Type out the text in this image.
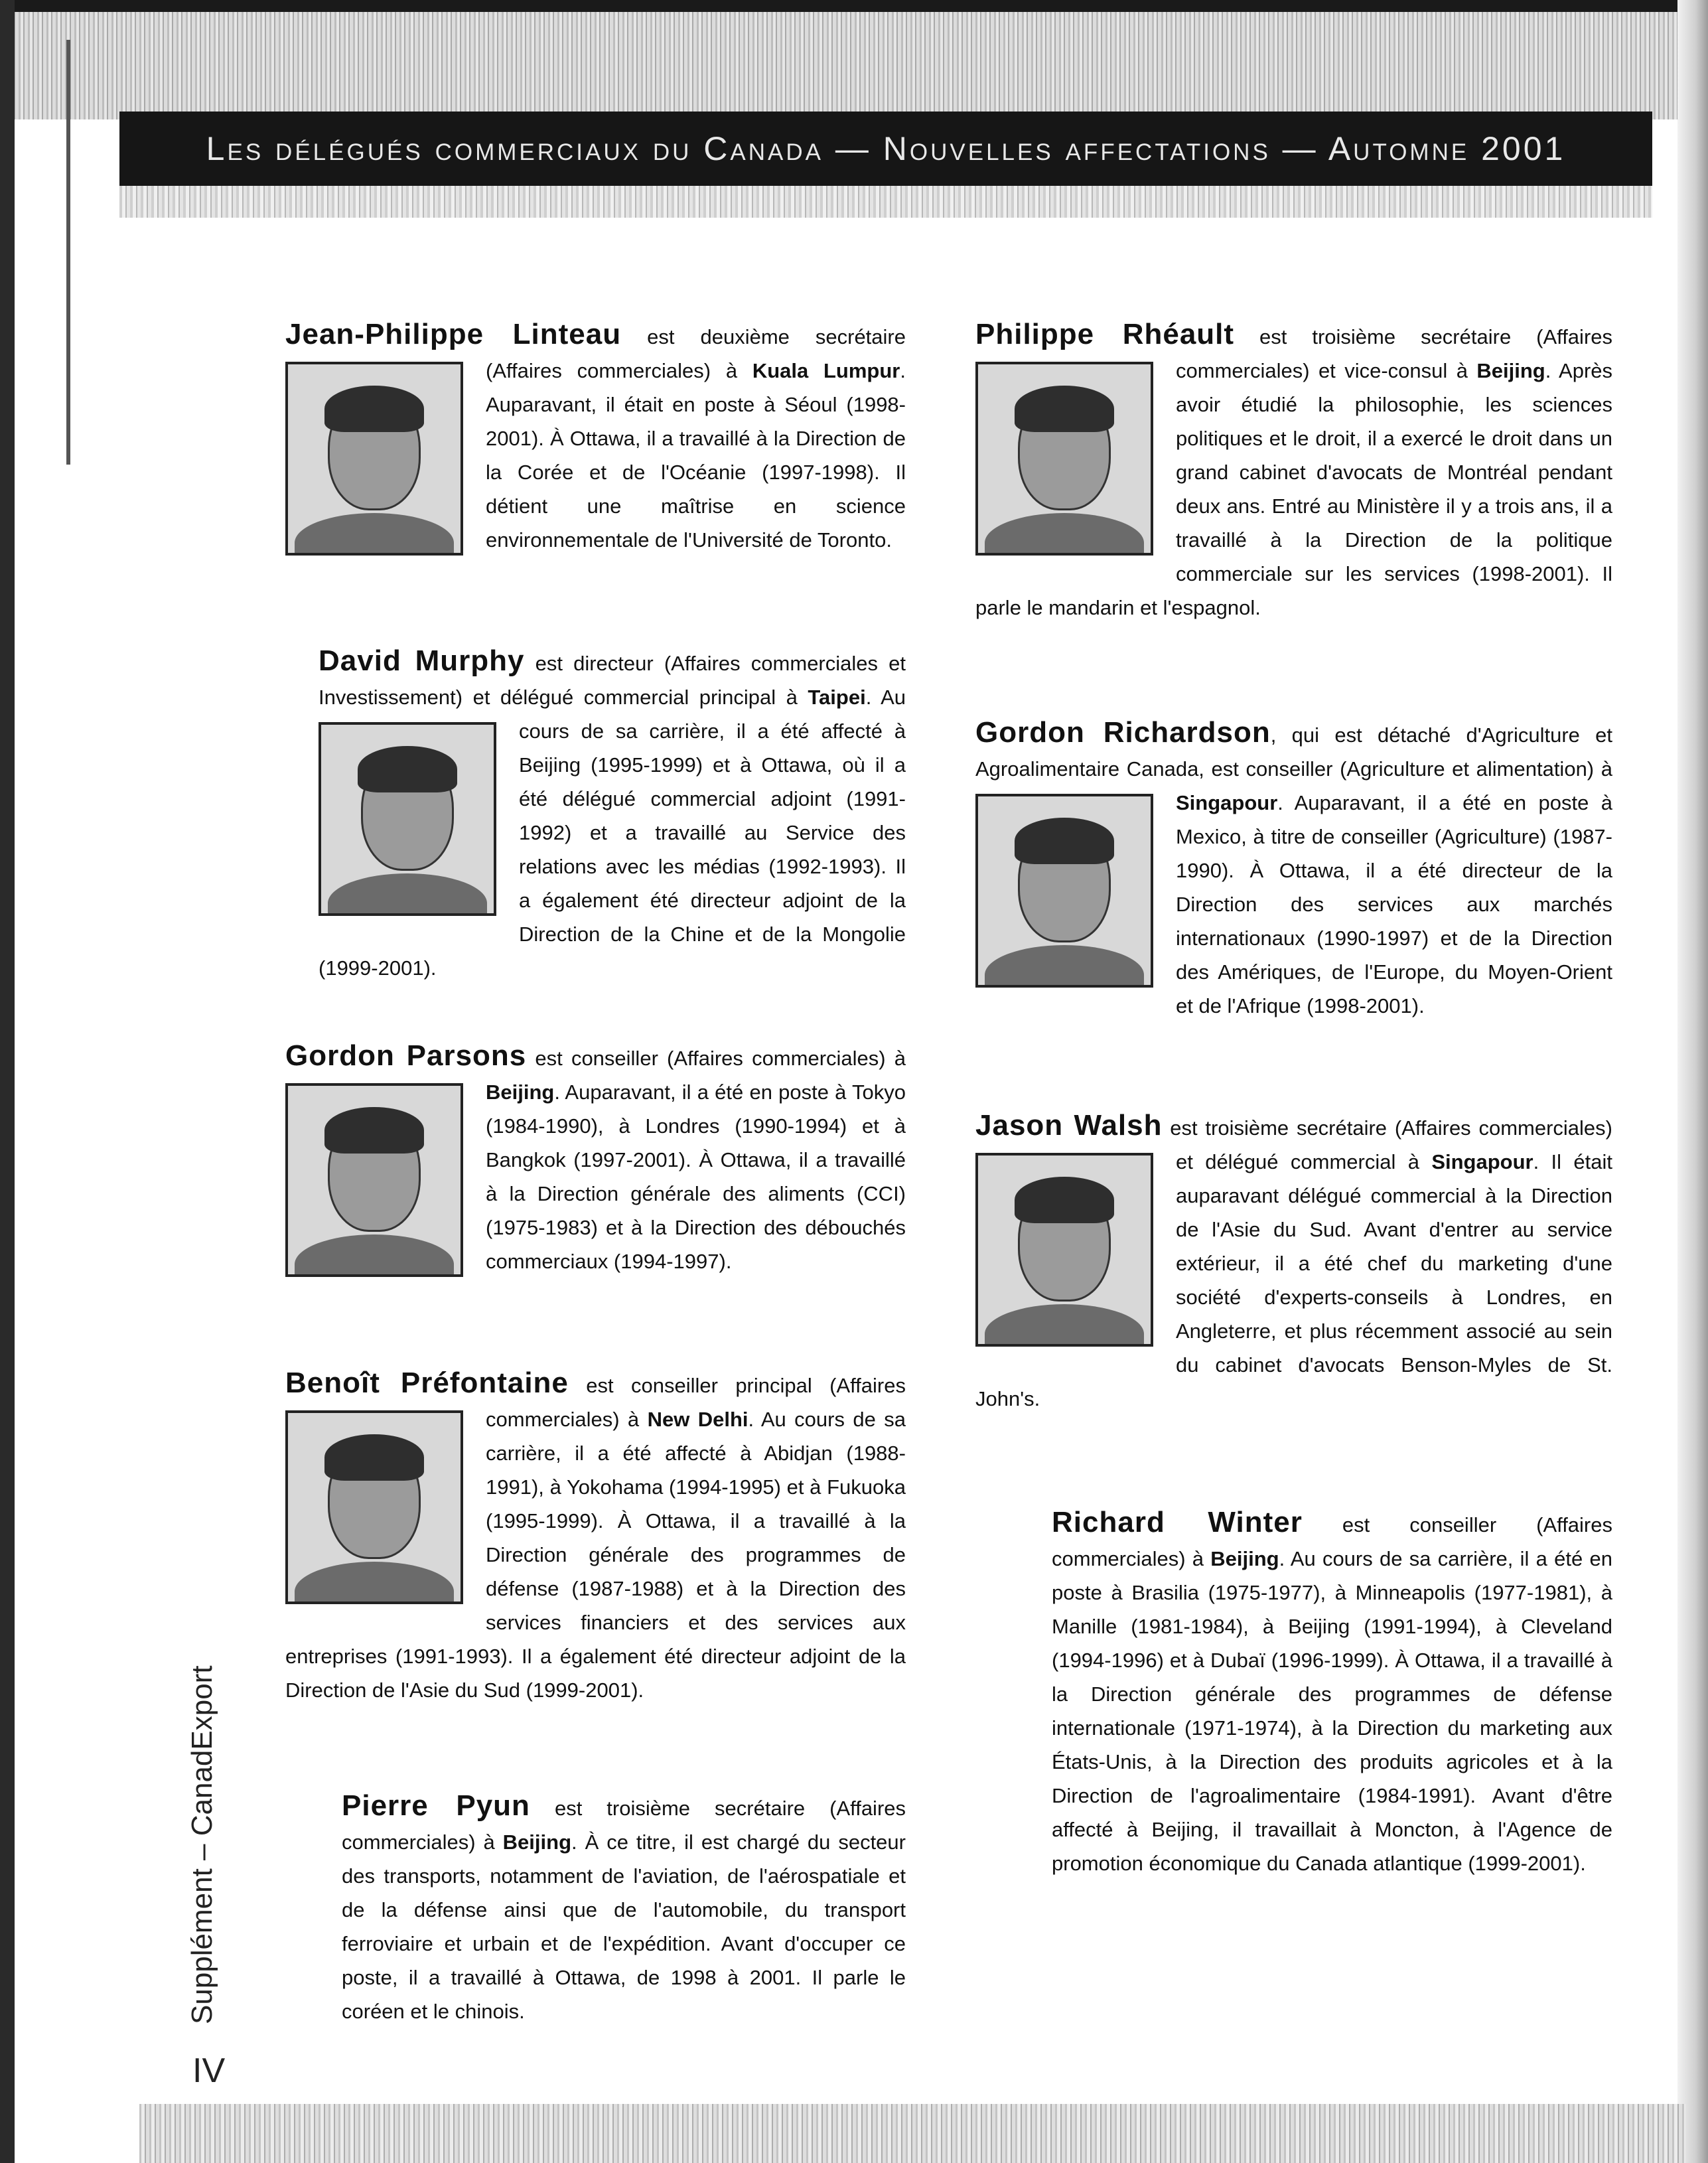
Les délégués commerciaux du Canada — Nouvelles affectations — Automne 2001
Jean-Philippe Linteau est deuxième secrétaire (Affaires commerciales) à
Kuala Lumpur. Auparavant, il était en poste à Séoul (1998-2001). À Ottawa, il a travaillé à la Direction de la Corée et de l'Océanie (1997-1998). Il détient une maîtrise en science environnementale de l'Université de Toronto.
David Murphy est directeur (Affaires commerciales et Investissement) et délégué commercial principal à
Taipei. Au cours de sa carrière, il a été affecté à Beijing (1995-1999) et à Ottawa, où il a été délégué commercial adjoint (1991-1992) et a travaillé au Service des relations avec les médias (1992-1993). Il a également été directeur adjoint de la Direction de la Chine et de la Mongolie (1999-2001).
Gordon Parsons est conseiller (Affaires commerciales) à
Beijing. Auparavant, il a été en poste à Tokyo (1984-1990), à Londres (1990-1994) et à Bangkok (1997-2001). À Ottawa, il a travaillé à la Direction générale des aliments (CCI) (1975-1983) et à la Direction des débouchés commerciaux (1994-1997).
Benoît Préfontaine est conseiller principal (Affaires commerciales) à
New Delhi. Au cours de sa carrière, il a été affecté à Abidjan (1988-1991), à Yokohama (1994-1995) et à Fukuoka (1995-1999). À Ottawa, il a travaillé à la Direction générale des programmes de défense (1987-1988) et à la Direction des services financiers et des services aux entreprises (1991-1993). Il a également été directeur adjoint de la Direction de l'Asie du Sud (1999-2001).
Pierre Pyun est troisième secrétaire (Affaires commerciales) à Beijing. À ce titre, il est chargé du secteur des transports, notamment de l'aviation, de l'aérospatiale et de la défense ainsi que de l'automobile, du transport ferroviaire et urbain et de l'expédition. Avant d'occuper ce poste, il a travaillé à Ottawa, de 1998 à 2001. Il parle le coréen et le chinois.
Philippe Rhéault est troisième secrétaire (Affaires commerciales) et vice-consul à
Beijing. Après avoir étudié la philosophie, les sciences politiques et le droit, il a exercé le droit dans un grand cabinet d'avocats de Montréal pendant deux ans. Entré au Ministère il y a trois ans, il a travaillé à la Direction de la politique commerciale sur les services (1998-2001). Il parle le mandarin et l'espagnol.
Gordon Richardson, qui est détaché d'Agriculture et Agroalimentaire Canada, est conseiller (Agriculture et alimentation) à
Singapour. Auparavant, il a été en poste à Mexico, à titre de conseiller (Agriculture) (1987-1990). À Ottawa, il a été directeur de la Direction des services aux marchés internationaux (1990-1997) et de la Direction des Amériques, de l'Europe, du Moyen-Orient et de l'Afrique (1998-2001).
Jason Walsh est troisième secrétaire (Affaires commerciales) et délégué commercial à
Singapour. Il était auparavant délégué commercial à la Direction de l'Asie du Sud. Avant d'entrer au service extérieur, il a été chef du marketing d'une société d'experts-conseils à Londres, en Angleterre, et plus récemment associé au sein du cabinet d'avocats Benson-Myles de St. John's.
Richard Winter est conseiller (Affaires commerciales) à Beijing. Au cours de sa carrière, il a été en poste à Brasilia (1975-1977), à Minneapolis (1977-1981), à Manille (1981-1984), à Beijing (1991-1994), à Cleveland (1994-1996) et à Dubaï (1996-1999). À Ottawa, il a travaillé à la Direction générale des programmes de défense internationale (1971-1974), à la Direction du marketing aux États-Unis, à la Direction des produits agricoles et à la Direction de l'agroalimentaire (1984-1991). Avant d'être affecté à Beijing, il travaillait à Moncton, à l'Agence de promotion économique du Canada atlantique (1999-2001).
Supplément – CanadExport
IV
